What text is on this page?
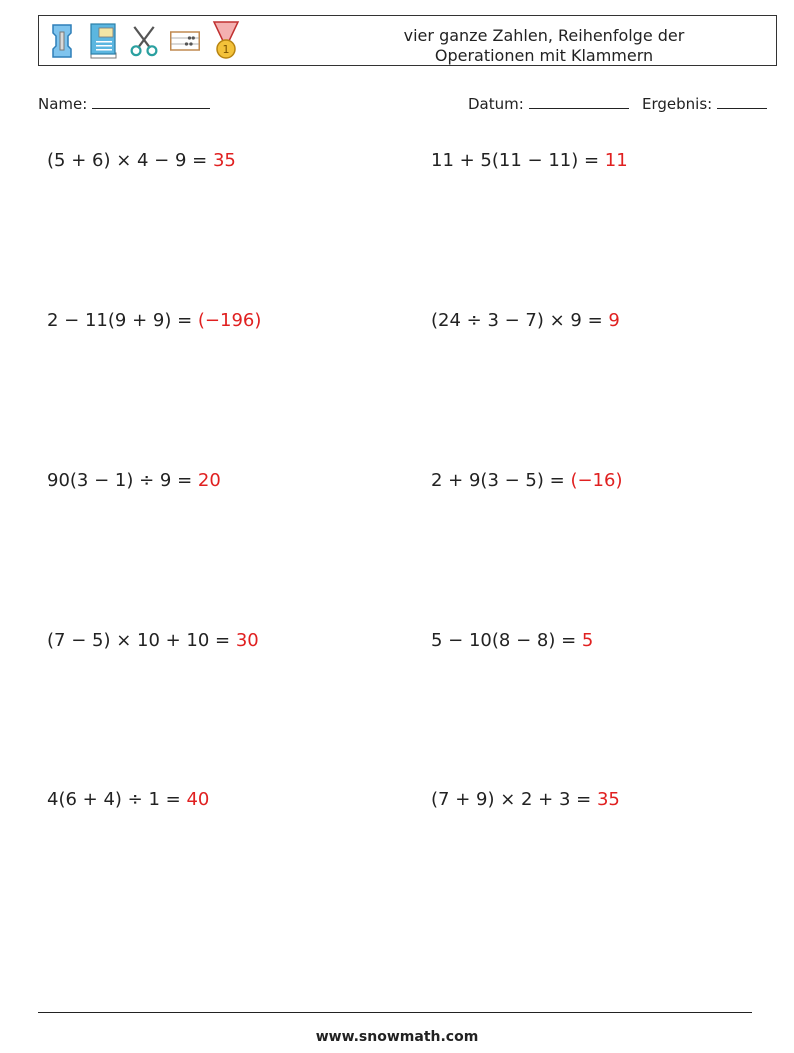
1
vier ganze Zahlen, Reihenfolge der
Operationen mit Klammern
Name:	Datum:	Ergebnis:
(5 + 6) × 4 − 9 = 35	11 + 5(11 − 11) = 11
2 − 11(9 + 9) = (−196)	(24 ÷ 3 − 7) × 9 = 9
90(3 − 1) ÷ 9 = 20	2 + 9(3 − 5) = (−16)
(7 − 5) × 10 + 10 = 30	5 − 10(8 − 8) = 5
4(6 + 4) ÷ 1 = 40	(7 + 9) × 2 + 3 = 35
www.snowmath.com
